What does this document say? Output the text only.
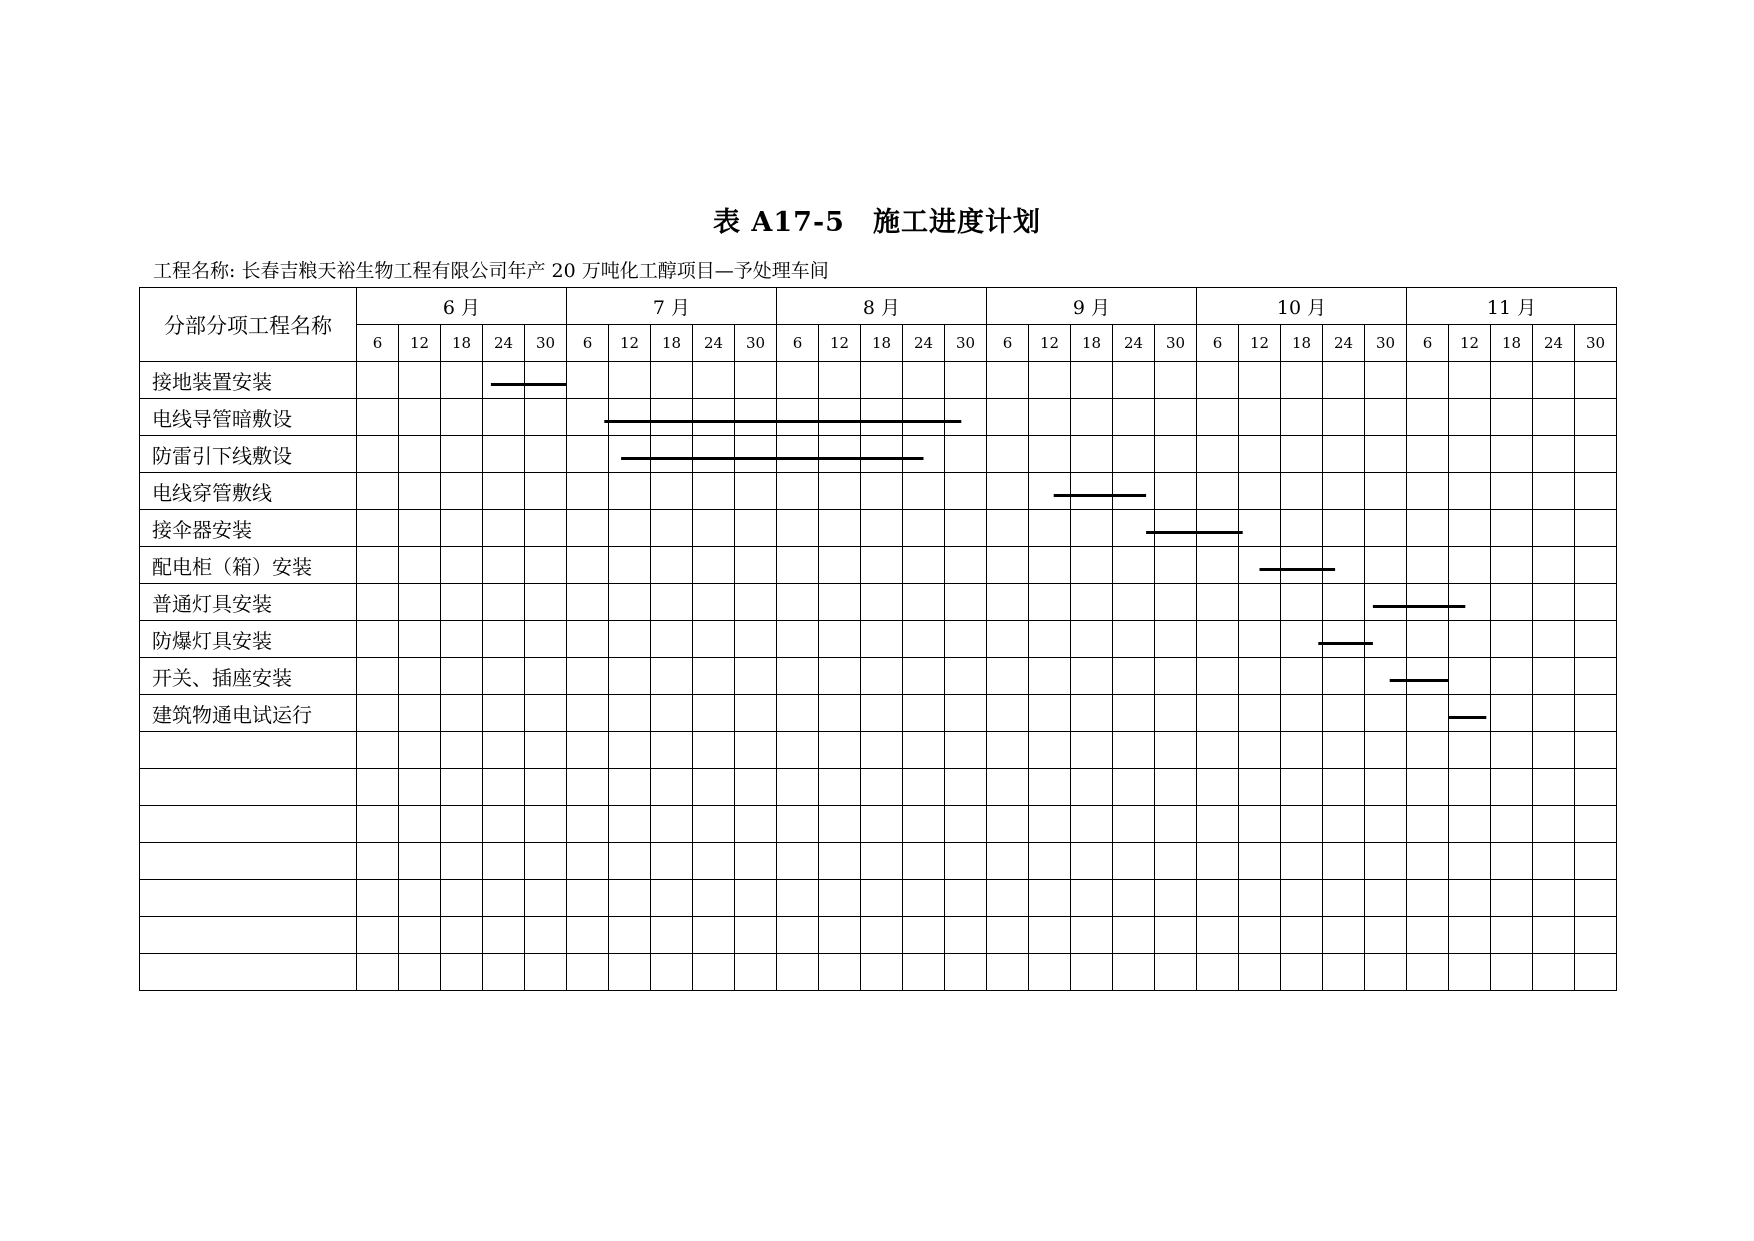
表 A17-5　施工进度计划
工程名称: 长春吉粮天裕生物工程有限公司年产 20 万吨化工醇项目—予处理车间
分部分项工程名称	6 月					7 月					8 月					9 月					10 月					11 月				
	6	12	18	24	30	6	12	18	24	30	6	12	18	24	30	6	12	18	24	30	6	12	18	24	30	6	12	18	24	30
接地装置安装																														
电线导管暗敷设																														
防雷引下线敷设																														
电线穿管敷线																														
接伞器安装																														
配电柜（箱）安装																														
普通灯具安装																														
防爆灯具安装																														
开关、插座安装																														
建筑物通电试运行																														
